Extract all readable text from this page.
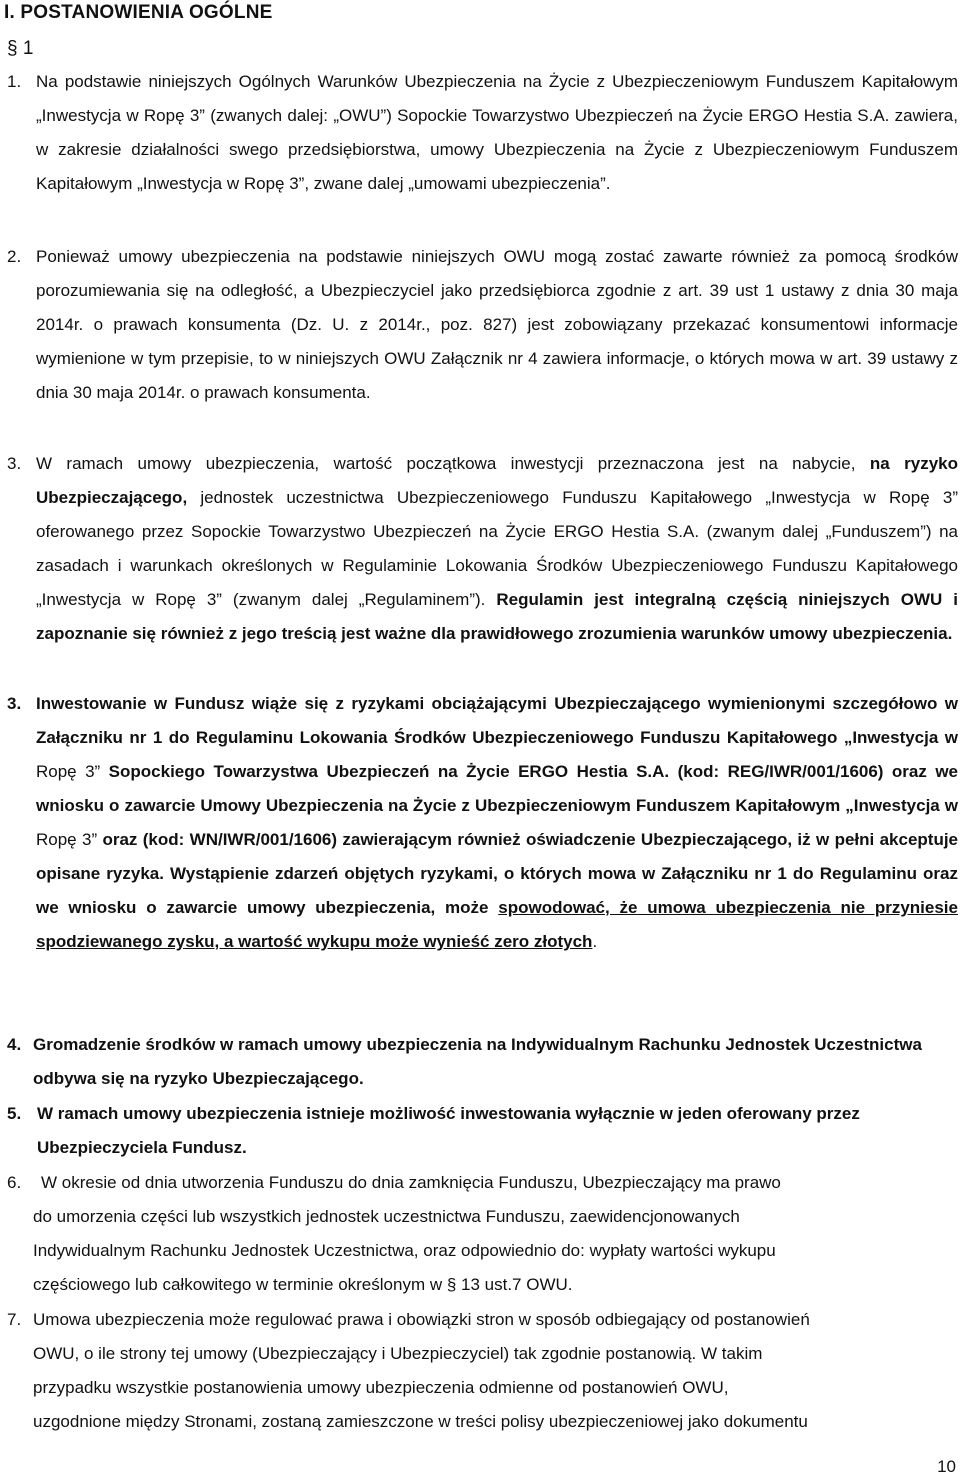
I. POSTANOWIENIA OGÓLNE
§ 1
1. Na podstawie niniejszych Ogólnych Warunków Ubezpieczenia na Życie z Ubezpieczeniowym Funduszem Kapitałowym „Inwestycja w Ropę 3” (zwanych dalej: „OWU”) Sopockie Towarzystwo Ubezpieczeń na Życie ERGO Hestia S.A. zawiera, w zakresie działalności swego przedsiębiorstwa, umowy Ubezpieczenia na Życie z Ubezpieczeniowym Funduszem Kapitałowym „Inwestycja w Ropę 3”, zwane dalej „umowami ubezpieczenia”.
2. Ponieważ umowy ubezpieczenia na podstawie niniejszych OWU mogą zostać zawarte również za pomocą środków porozumiewania się na odległość, a Ubezpieczyciel jako przedsiębiorca zgodnie z art. 39 ust 1 ustawy z dnia 30 maja 2014r. o prawach konsumenta (Dz. U. z 2014r., poz. 827) jest zobowiązany przekazać konsumentowi informacje wymienione w tym przepisie, to w niniejszych OWU Załącznik nr 4 zawiera informacje, o których mowa w art. 39 ustawy z dnia 30 maja 2014r. o prawach konsumenta.
3. W ramach umowy ubezpieczenia, wartość początkowa inwestycji przeznaczona jest na nabycie, na ryzyko Ubezpieczającego, jednostek uczestnictwa Ubezpieczeniowego Funduszu Kapitałowego „Inwestycja w Ropę 3” oferowanego przez Sopockie Towarzystwo Ubezpieczeń na Życie ERGO Hestia S.A. (zwanym dalej „Funduszem”) na zasadach i warunkach określonych w Regulaminie Lokowania Środków Ubezpieczeniowego Funduszu Kapitałowego „Inwestycja w Ropę 3” (zwanym dalej „Regulaminem”). Regulamin jest integralną częścią niniejszych OWU i zapoznanie się również z jego treścią jest ważne dla prawidłowego zrozumienia warunków umowy ubezpieczenia.
3. Inwestowanie w Fundusz wiąże się z ryzykami obciążającymi Ubezpieczającego wymienionymi szczegółowo w Załączniku nr 1 do Regulaminu Lokowania Środków Ubezpieczeniowego Funduszu Kapitałowego „Inwestycja w Ropę 3” Sopockiego Towarzystwa Ubezpieczeń na Życie ERGO Hestia S.A. (kod: REG/IWR/001/1606) oraz we wniosku o zawarcie Umowy Ubezpieczenia na Życie z Ubezpieczeniowym Funduszem Kapitałowym „Inwestycja w Ropę 3” oraz (kod: WN/IWR/001/1606) zawierającym również oświadczenie Ubezpieczającego, iż w pełni akceptuje opisane ryzyka. Wystąpienie zdarzeń objętych ryzykami, o których mowa w Załączniku nr 1 do Regulaminu oraz we wniosku o zawarcie umowy ubezpieczenia, może spowodować, że umowa ubezpieczenia nie przyniesie spodziewanego zysku, a wartość wykupu może wynieść zero złotych.
4. Gromadzenie środków w ramach umowy ubezpieczenia na Indywidualnym Rachunku Jednostek Uczestnictwa odbywa się na ryzyko Ubezpieczającego.
5. W ramach umowy ubezpieczenia istnieje możliwość inwestowania wyłącznie w jeden oferowany przez Ubezpieczyciela Fundusz.
6.	W okresie od dnia utworzenia Funduszu do dnia zamknięcia Funduszu, Ubezpieczający ma prawo

do umorzenia części lub wszystkich jednostek uczestnictwa Funduszu, zaewidencjonowanych

Indywidualnym Rachunku Jednostek Uczestnictwa, oraz odpowiednio do: wypłaty wartości wykupu

częściowego lub całkowitego w terminie określonym w § 13 ust.7 OWU.

7. Umowa ubezpieczenia może regulować prawa i obowiązki stron w sposób odbiegający od postanowień

OWU, o ile strony tej umowy (Ubezpieczający i Ubezpieczyciel) tak zgodnie postanowią. W takim

przypadku wszystkie postanowienia umowy ubezpieczenia odmienne od postanowień OWU,

uzgodnione między Stronami, zostaną zamieszczone w treści polisy ubezpieczeniowej jako dokumentu

10
